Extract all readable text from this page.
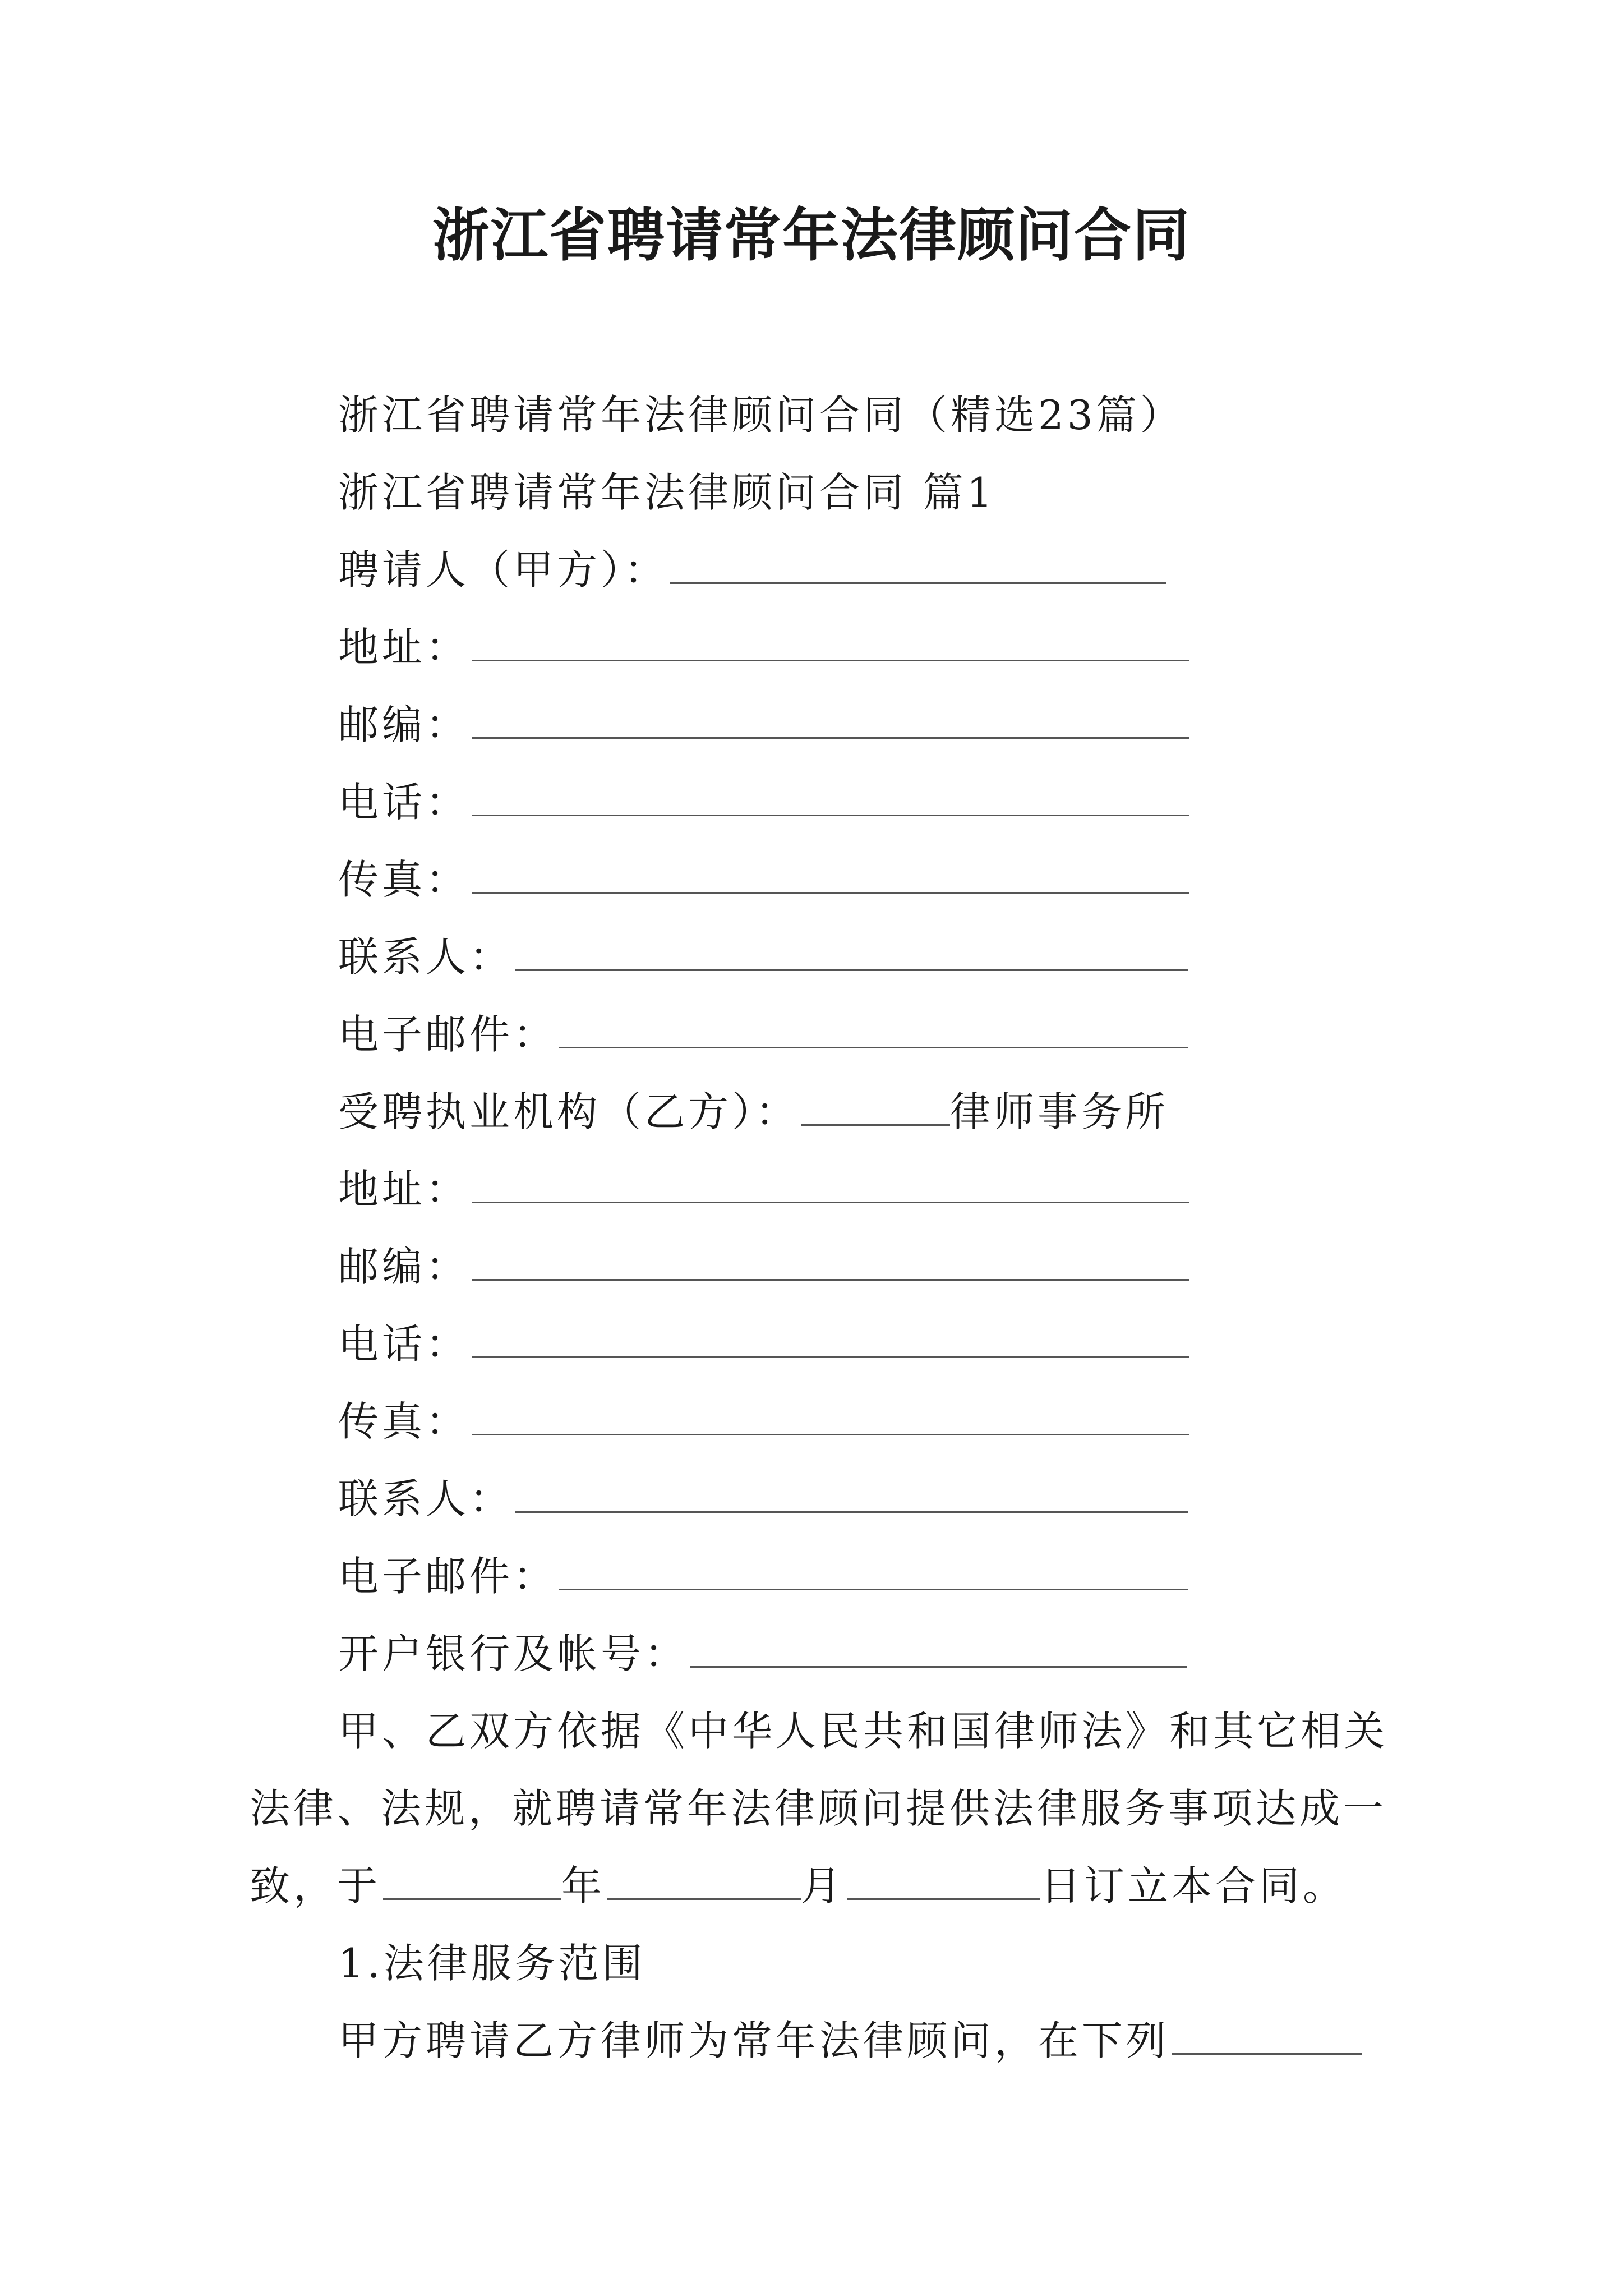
浙江省聘请常年法律顾问合同
浙江省聘请常年法律顾问合同（精选23篇）
浙江省聘请常年法律顾问合同 篇1
聘请人（甲方）：
地址：
邮编：
电话：
传真：
联系人：
电子邮件：
受聘执业机构（乙方）：	律师事务所
地址：
邮编：
电话：
传真：
联系人：
电子邮件：
开户银行及帐号：
甲、乙双方依据《中华人民共和国律师法》和其它相关
法律、法规，就聘请常年法律顾问提供法律服务事项达成一
致，于	年	月	日订立本合同。
1.法律服务范围
甲方聘请乙方律师为常年法律顾问，在下列
